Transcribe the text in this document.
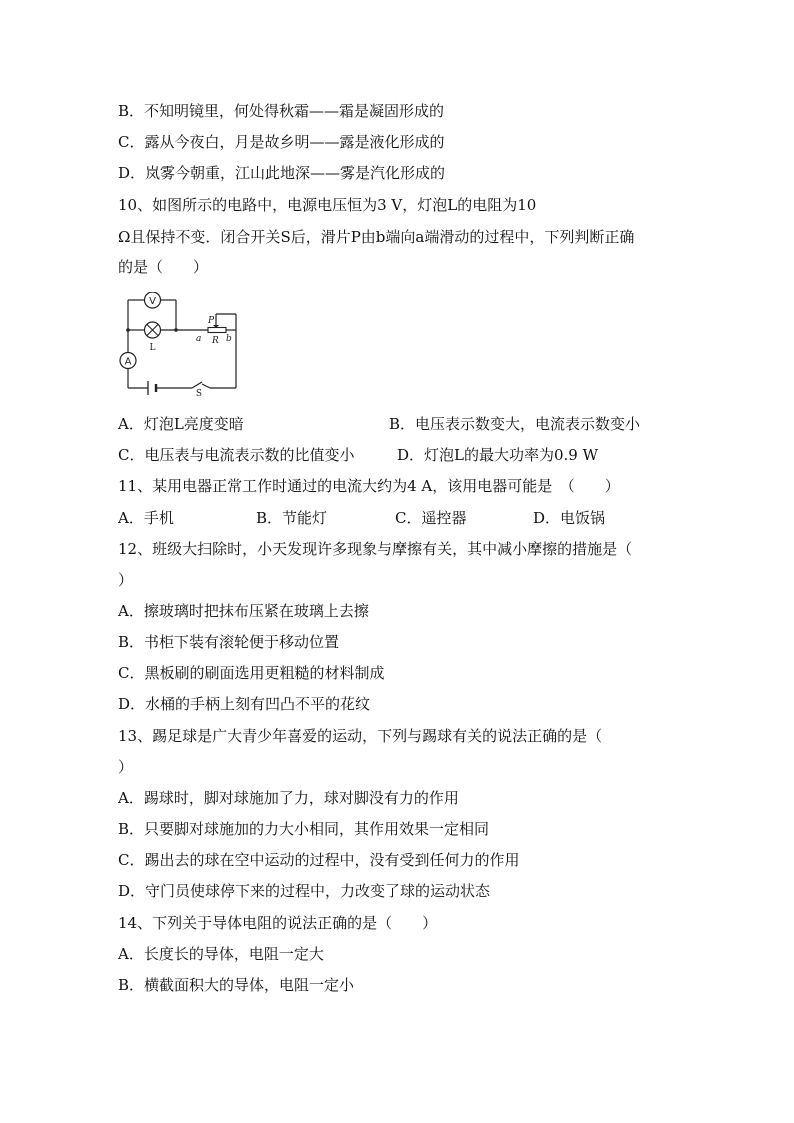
B．不知明镜里，何处得秋霜——霜是凝固形成的
C．露从今夜白，月是故乡明——露是液化形成的
D．岚雾今朝重，江山此地深——雾是汽化形成的
10、如图所示的电路中，电源电压恒为3 V，灯泡L的电阻为10
Ω且保持不变．闭合开关S后，滑片P由b端向a端滑动的过程中，下列判断正确
的是（　　）
V
L
A
P
a R b
S
A．灯泡L亮度变暗	B．电压表示数变大，电流表示数变小
C．电压表与电流表示数的比值变小	D．灯泡L的最大功率为0.9 W
11、某用电器正常工作时通过的电流大约为4 A，该用电器可能是　（　　）
A．手机	B．节能灯	C．遥控器	D．电饭锅
12、班级大扫除时，小天发现许多现象与摩擦有关，其中减小摩擦的措施是（
）
A．擦玻璃时把抹布压紧在玻璃上去擦
B．书柜下装有滚轮便于移动位置
C．黑板刷的刷面选用更粗糙的材料制成
D．水桶的手柄上刻有凹凸不平的花纹
13、踢足球是广大青少年喜爱的运动，下列与踢球有关的说法正确的是（
）
A．踢球时，脚对球施加了力，球对脚没有力的作用
B．只要脚对球施加的力大小相同，其作用效果一定相同
C．踢出去的球在空中运动的过程中，没有受到任何力的作用
D．守门员使球停下来的过程中，力改变了球的运动状态
14、下列关于导体电阻的说法正确的是（　　）
A．长度长的导体，电阻一定大
B．横截面积大的导体，电阻一定小
